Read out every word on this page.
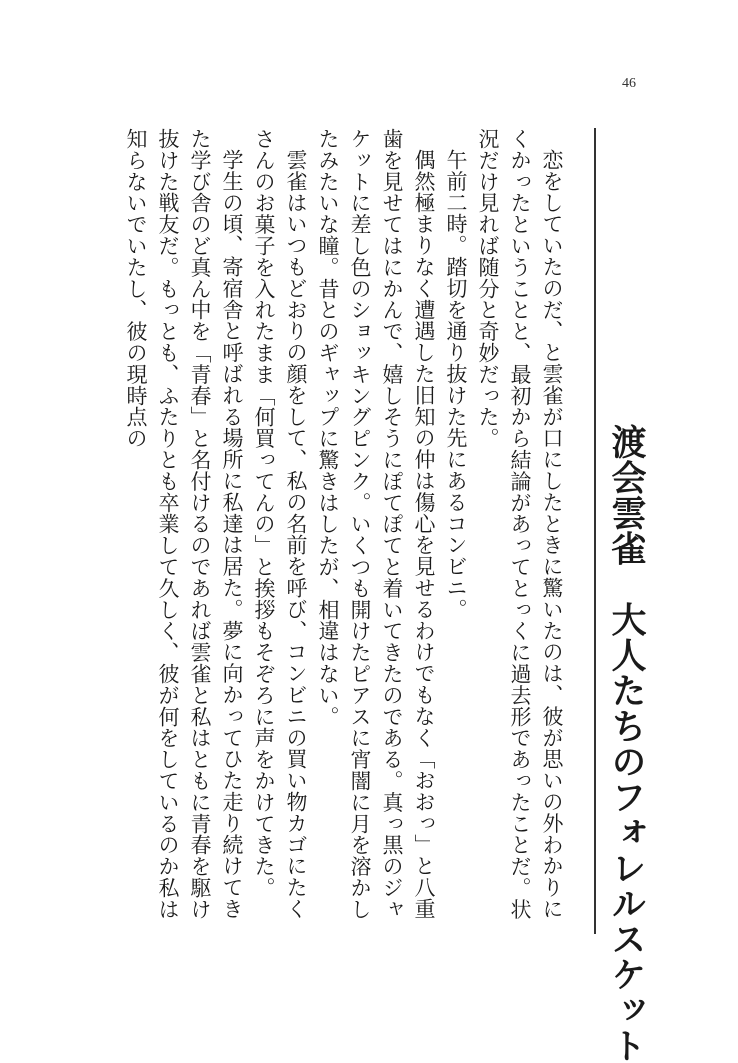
46
渡会雲雀　大人たちのフォレルスケット

恋をしていたのだ、と雲雀が口にしたときに驚いたのは、彼が思いの外わかりにくかったということと、最初から結論があってとっくに過去形であったことだ。状況だけ見れば随分と奇妙だった。

午前二時。踏切を通り抜けた先にあるコンビニ。

偶然極まりなく遭遇した旧知の仲は傷心を見せるわけでもなく「おおっ」と八重歯を見せてはにかんで、嬉しそうにぽてぽてと着いてきたのである。真っ黒のジャケットに差し色のショッキングピンク。いくつも開けたピアスに宵闇に月を溶かしたみたいな瞳。昔とのギャップに驚きはしたが、相違はない。

雲雀はいつもどおりの顔をして、私の名前を呼び、コンビニの買い物カゴにたくさんのお菓子を入れたまま「何買ってんの」と挨拶もそぞろに声をかけてきた。

学生の頃、寄宿舎と呼ばれる場所に私達は居た。夢に向かってひた走り続けてきた学び舎のど真ん中を「青春」と名付けるのであれば雲雀と私はともに青春を駆け抜けた戦友だ。もっとも、ふたりとも卒業して久しく、彼が何をしているのか私は知らないでいたし、彼の現時点の
